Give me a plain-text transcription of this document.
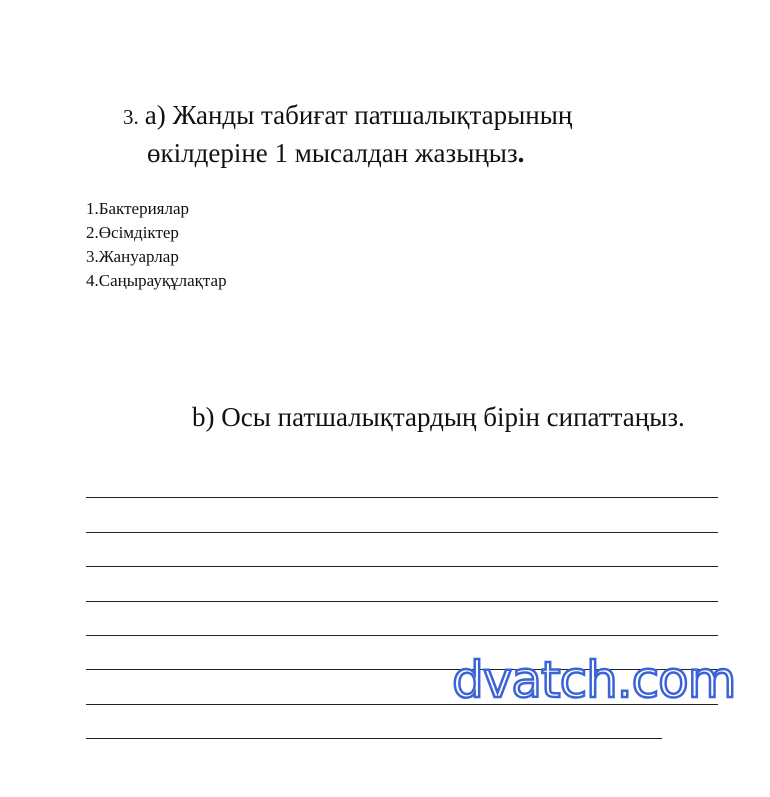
3. а) Жанды табиғат патшалықтарының
өкілдеріне 1 мысалдан жазыңыз.
1.Бактериялар
2.Өсімдіктер
3.Жануарлар
4.Саңырауқұлақтар
b) Осы патшалықтардың бірін сипаттаңыз.
dvatch.com
